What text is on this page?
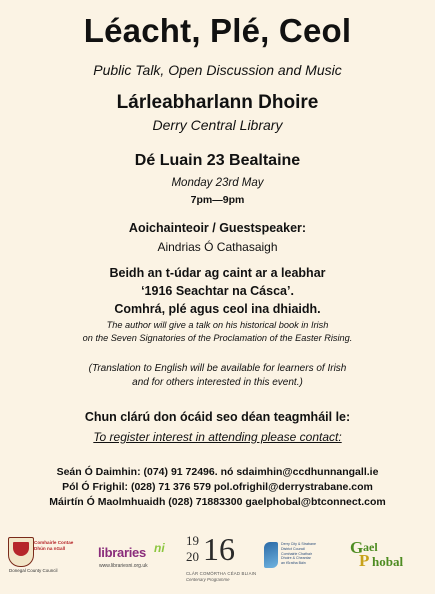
Léacht, Plé, Ceol
Public Talk, Open Discussion and Music
Lárleabharlann Dhoire
Derry Central Library
Dé Luain 23 Bealtaine
Monday 23rd May
7pm—9pm
Aoichainteoir / Guestspeaker:
Aindrias Ó Cathasaigh
Beidh an t-údar ag caint ar a leabhar
‘1916 Seachtar na Cásca’.
Comhrá, plé agus ceol ina dhiaidh.
The author will give a talk on his historical book in Irish
on the Seven Signatories of the Proclamation of the Easter Rising.
(Translation to English will be available for learners of Irish
and for others interested in this event.)
Chun clárú don ócáid seo déan teagmháil le:
To register interest in attending please contact:
Seán Ó Daimhin: (074) 91 72496. nó sdaimhin@ccdhunnangall.ie
Pól Ó Frighil: (028) 71 376 579 pol.ofrighil@derrystrabane.com
Máirtín Ó Maolmhuaidh (028) 71883300 gaelphobal@btconnect.com
Comhairle Contae
Dhún na nGall
Donegal County Council
libraries ni
www.librariesni.org.uk
19
20 16
CLÁR COMÓRTHA CÉAD BLIAIN
Centenary Programme
Derry City & Strabane
District Council
Comhairle Chathair
Dhoire & Cheantar
an tSratha Báin
G ael
P hobal
